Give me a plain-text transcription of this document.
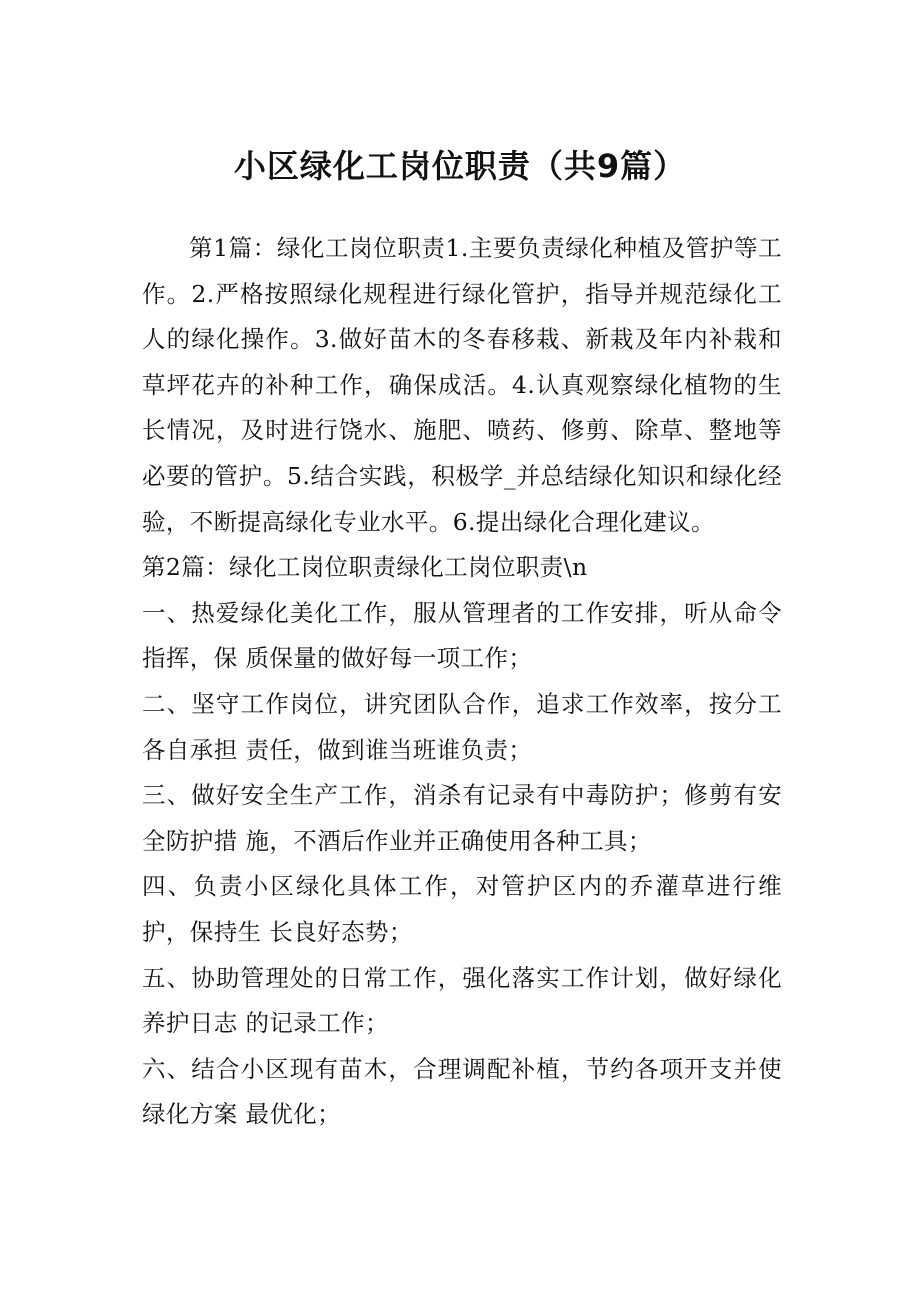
小区绿化工岗位职责（共9篇）

第1篇：绿化工岗位职责1.主要负责绿化种植及管护等工作。2.严格按照绿化规程进行绿化管护，指导并规范绿化工人的绿化操作。3.做好苗木的冬春移栽、新栽及年内补栽和草坪花卉的补种工作，确保成活。4.认真观察绿化植物的生长情况，及时进行饶水、施肥、喷药、修剪、除草、整地等必要的管护。5.结合实践，积极学_并总结绿化知识和绿化经验，不断提高绿化专业水平。6.提出绿化合理化建议。

第2篇：绿化工岗位职责绿化工岗位职责\n

一、热爱绿化美化工作，服从管理者的工作安排，听从命令指挥，保 质保量的做好每一项工作；

二、坚守工作岗位，讲究团队合作，追求工作效率，按分工各自承担 责任，做到谁当班谁负责；

三、做好安全生产工作，消杀有记录有中毒防护；修剪有安全防护措 施，不酒后作业并正确使用各种工具；

四、负责小区绿化具体工作，对管护区内的乔灌草进行维护，保持生 长良好态势；

五、协助管理处的日常工作，强化落实工作计划，做好绿化养护日志 的记录工作；

六、结合小区现有苗木，合理调配补植，节约各项开支并使绿化方案 最优化；
